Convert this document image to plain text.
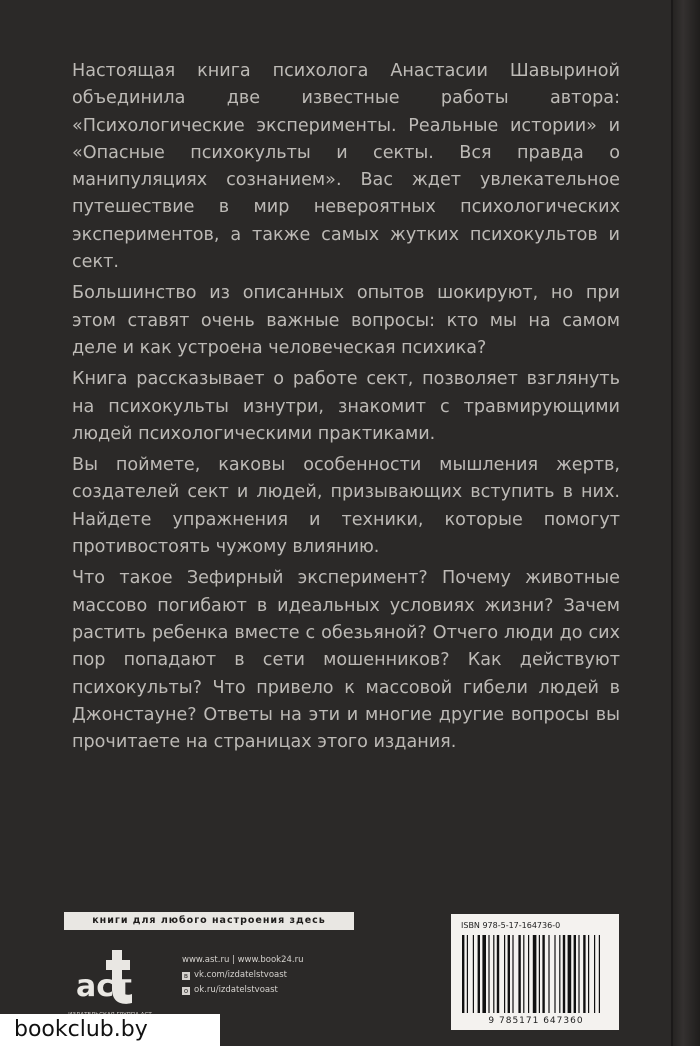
Настоящая книга психолога Анастасии Шавыриной объединила две известные работы автора: «Психологические эксперименты. Реальные истории» и «Опасные психокульты и секты. Вся правда о манипуляциях сознанием». Вас ждет увлекательное путешествие в мир невероятных психологических экспериментов, а также самых жутких психокультов и сект.

Большинство из описанных опытов шокируют, но при этом ставят очень важные вопросы: кто мы на самом деле и как устроена человеческая психика?

Книга рассказывает о работе сект, позволяет взглянуть на психокульты изнутри, знакомит с травмирующими людей психологическими практиками.

Вы поймете, каковы особенности мышления жертв, создателей сект и людей, призывающих вступить в них. Найдете упражнения и техники, которые помогут противостоять чужому влиянию.

Что такое Зефирный эксперимент? Почему животные массово погибают в идеальных условиях жизни? Зачем растить ребенка вместе с обезьяной? Отчего люди до сих пор попадают в сети мошенников? Как действуют психокульты? Что привело к массовой гибели людей в Джонстауне? Ответы на эти и многие другие вопросы вы прочитаете на страницах этого издания.

книги для любого настроения здесь
аст
www.ast.ru | www.book24.ru
в vk.com/izdatelstvoast
о ok.ru/izdatelstvoast
ISBN 978-5-17-164736-0
9 785171 647360
bookclub.by
